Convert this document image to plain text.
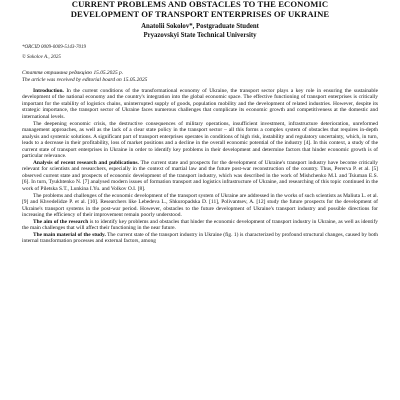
CURRENT PROBLEMS AND OBSTACLES TO THE ECONOMIC
DEVELOPMENT OF TRANSPORT ENTERPRISES OF UKRAINE
Anatolii Sokolov*, Postgraduate Student
Pryazovskyi State Technical University
*ORCID 0009-0009-5143-7019
© Sokolov A., 2025
Стаття отримана редакцією 15.05.2025 р.
The article was received by editorial board on 15.05.2025

Introduction. In the current conditions of the transformational economy of Ukraine, the transport sector plays a key role in ensuring the sustainable development of the national economy and the country's integration into the global economic space. The effective functioning of transport enterprises is critically important for the stability of logistics chains, uninterrupted supply of goods, population mobility and the development of related industries. However, despite its strategic importance, the transport sector of Ukraine faces numerous challenges that complicate its economic growth and competitiveness at the domestic and international levels.

The deepening economic crisis, the destructive consequences of military operations, insufficient investment, infrastructure deterioration, unreformed management approaches, as well as the lack of a clear state policy in the transport sector – all this forms a complex system of obstacles that requires in-depth analysis and systemic solutions. A significant part of transport enterprises operates in conditions of high risk, instability and regulatory uncertainty, which, in turn, leads to a decrease in their profitability, loss of market positions and a decline in the overall economic potential of the industry [4]. In this context, a study of the current state of transport enterprises in Ukraine in order to identify key problems in their development and determine factors that hinder economic growth is of particular relevance.

Analysis of recent research and publications. The current state and prospects for the development of Ukraine's transport industry have become critically relevant for scientists and researchers, especially in the context of martial law and the future post-war reconstruction of the country. Thus, Pererva P. et al. [5] observed current state and prospects of economic development of the transport industry, which was described in the work of Mishchenko M.I. and Tsiuman E.S. [6]. In turn, Tyukhtenko N. [7] analysed modern issues of formation transport and logistics infrastructure of Ukraine, and researching of this topic continued in the work of Piletska S.T., Lunkina I.Yu. and Volkov O.I. [8].

The problems and challenges of the economic development of the transport system of Ukraine are addressed in the works of such scientists as Maliuta L. et al. [9] and Khvedelidze P. et al. [10]. Researchers like Lebedeva L., Shkuropadska D. [11], Polivantsev, A. [12] study the future prospects for the development of Ukraine's transport systems in the post-war period. However, obstacles to the future development of Ukraine's transport industry and possible directions for increasing the efficiency of their improvement remain poorly understood.

The aim of the research is to identify key problems and obstacles that hinder the economic development of transport industry in Ukraine, as well as identify the main challenges that will affect their functioning in the near future.

The main material of the study. The current state of the transport industry in Ukraine (fig. 1) is characterized by profound structural changes, caused by both internal transformation processes and external factors, among
